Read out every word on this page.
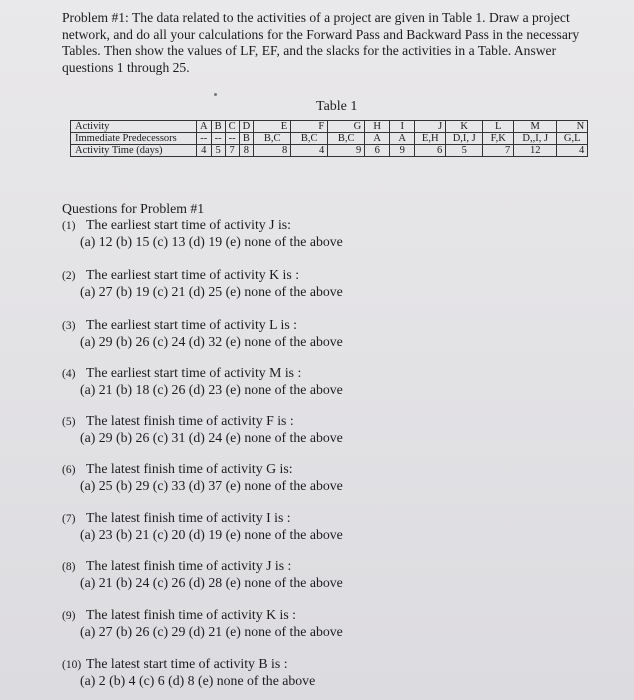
Problem #1: The data related to the activities of a project are given in Table 1. Draw a project
network, and do all your calculations for the Forward Pass and Backward Pass in the necessary
Tables. Then show the values of LF, EF, and the slacks for the activities in a Table. Answer
questions 1 through 25.
Table 1
Activity	A	B	C	D	E	F	G	H	I	J	K	L	M	N
Immediate Predecessors	--	--	--	B	B,C	B,C	B,C	A	A	E,H	D,I, J	F,K	D,,I, J	G,L
Activity Time (days)	4	5	7	8	8	4	9	6	9	6	5	7	12	4
Questions for Problem #1
(1) The earliest start time of activity J is:
(a) 12 (b) 15 (c) 13 (d) 19 (e) none of the above
(2) The earliest start time of activity K is :
(a) 27 (b) 19 (c) 21 (d) 25 (e) none of the above
(3) The earliest start time of activity L is :
(a) 29 (b) 26 (c) 24 (d) 32 (e) none of the above
(4) The earliest start time of activity M is :
(a) 21 (b) 18 (c) 26 (d) 23 (e) none of the above
(5) The latest finish time of activity F is :
(a) 29 (b) 26 (c) 31 (d) 24 (e) none of the above
(6) The latest finish time of activity G is:
(a) 25 (b) 29 (c) 33 (d) 37 (e) none of the above
(7) The latest finish time of activity I is :
(a) 23 (b) 21 (c) 20 (d) 19 (e) none of the above
(8) The latest finish time of activity J is :
(a) 21 (b) 24 (c) 26 (d) 28 (e) none of the above
(9) The latest finish time of activity K is :
(a) 27 (b) 26 (c) 29 (d) 21 (e) none of the above
(10) The latest start time of activity B is :
(a) 2 (b) 4 (c) 6 (d) 8 (e) none of the above
